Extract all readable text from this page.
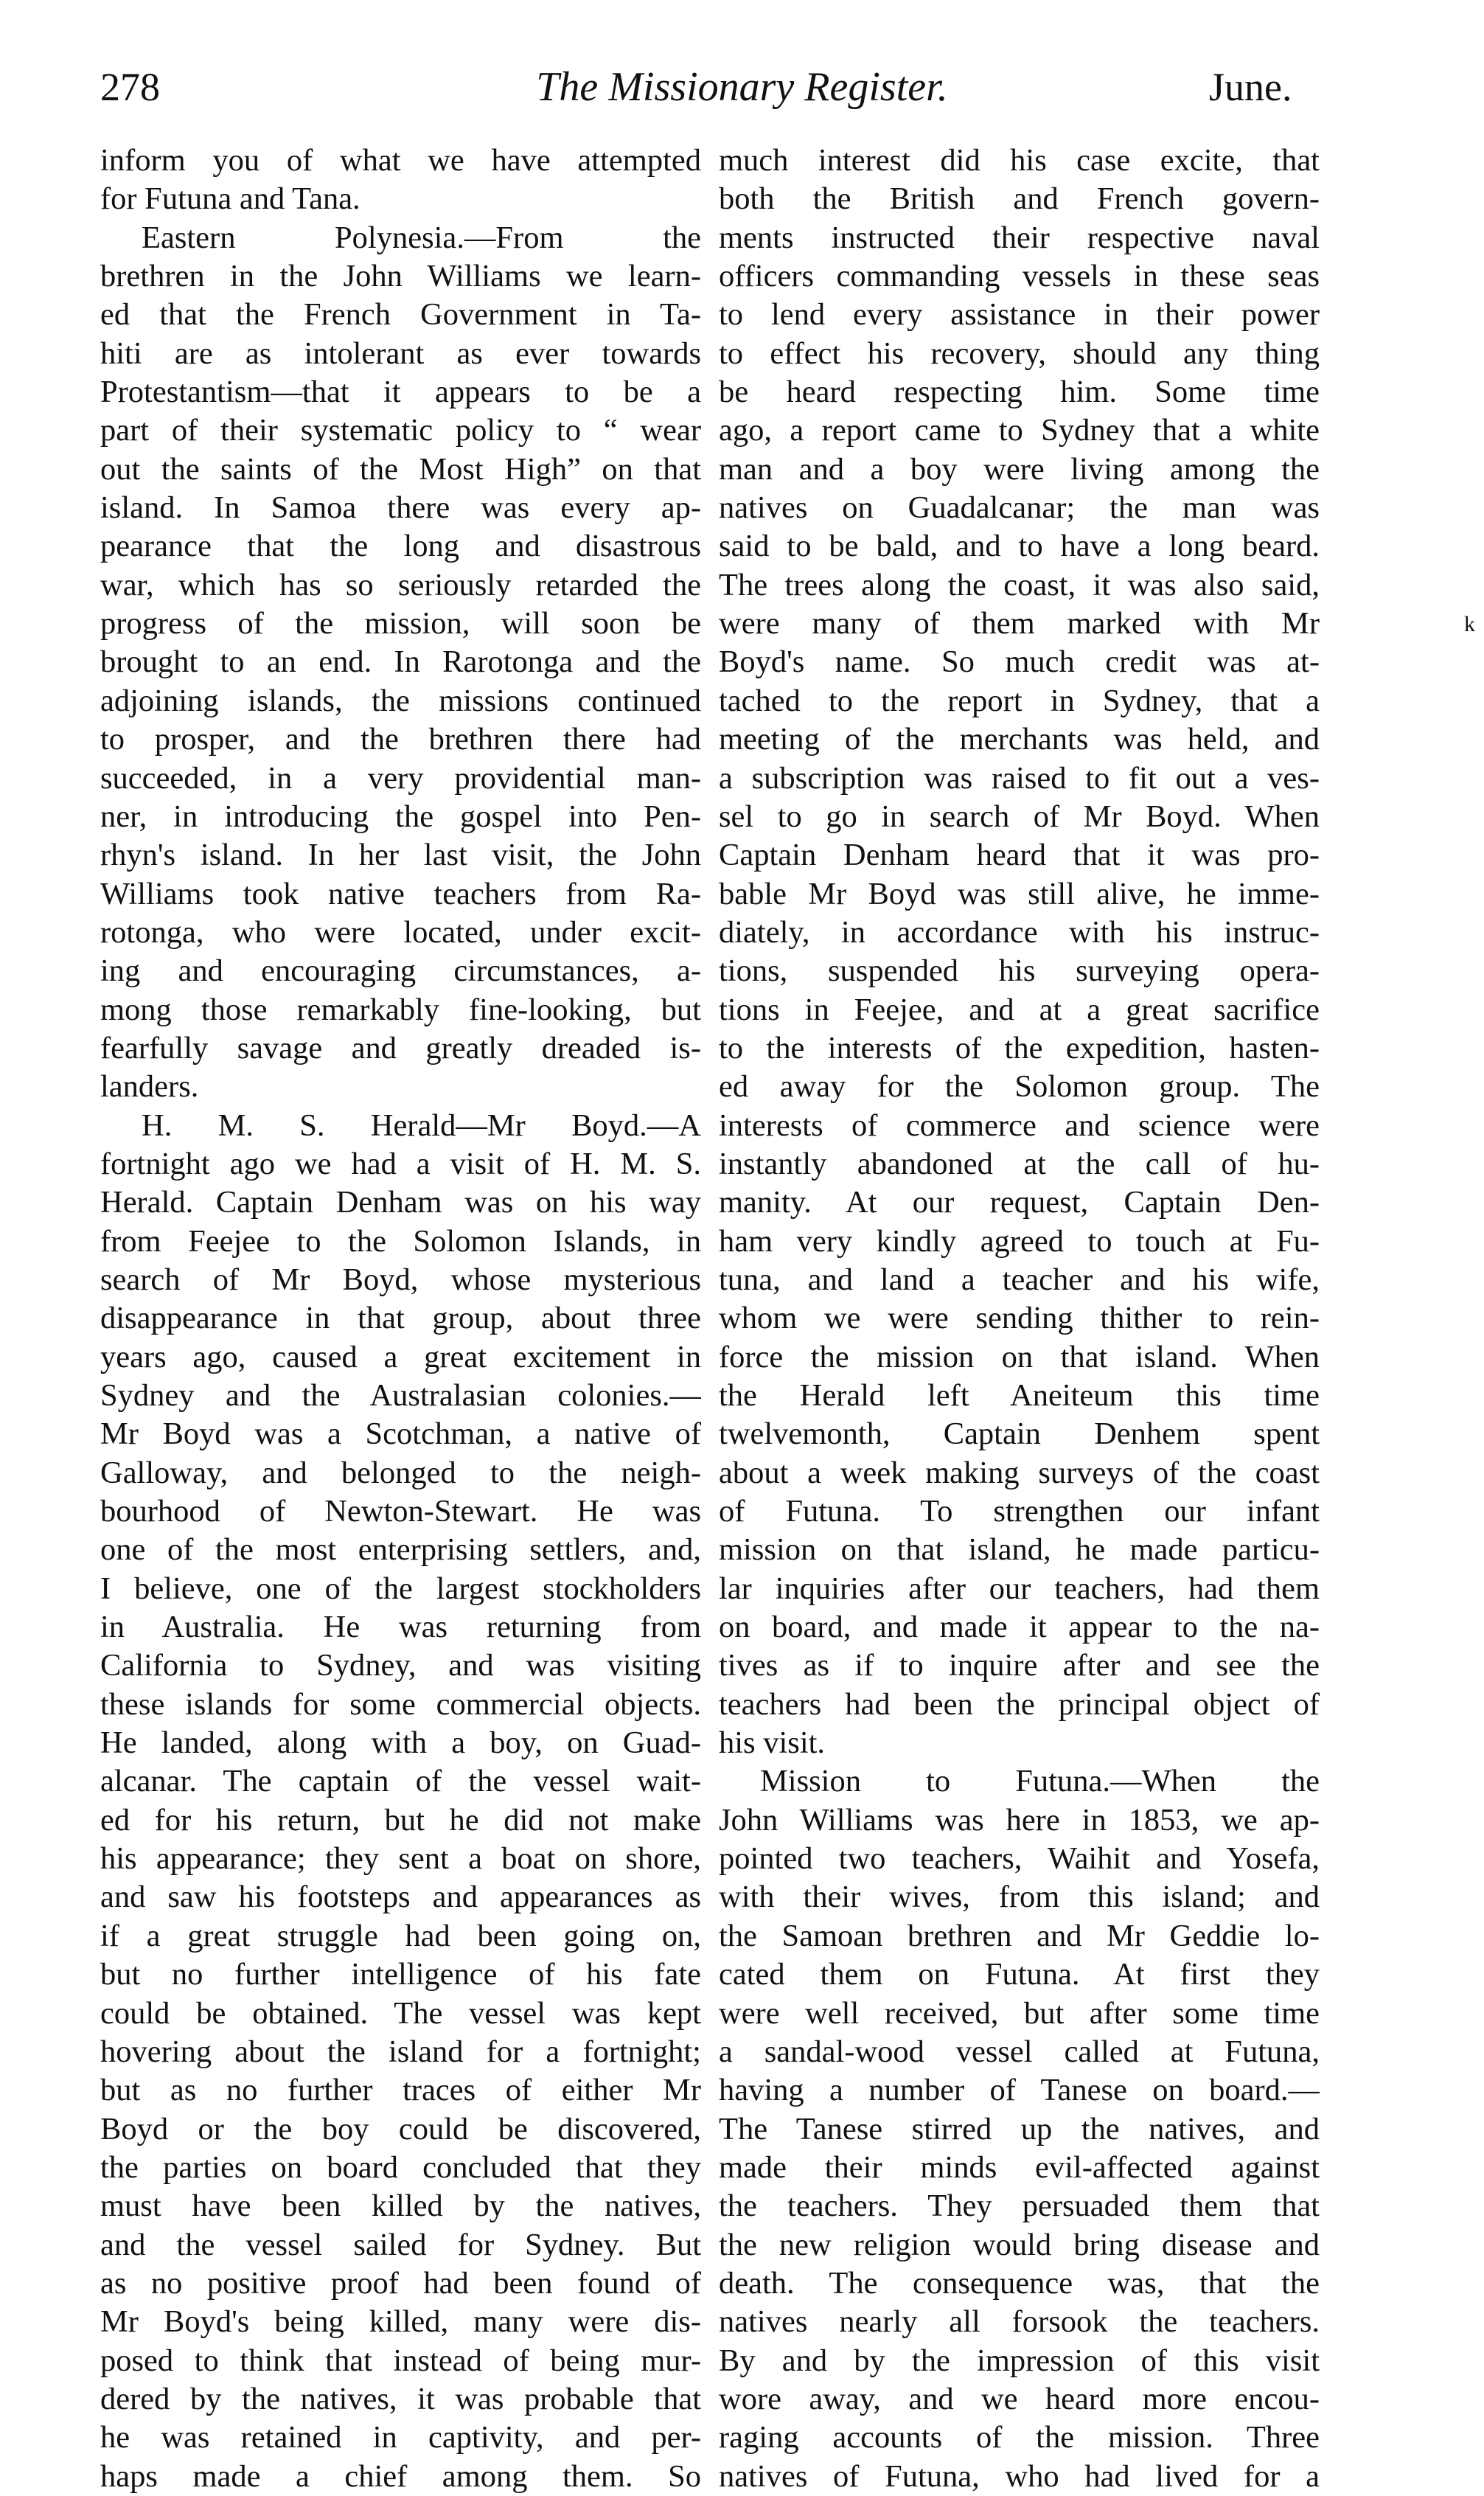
278	The Missionary Register.	June.
inform you of what we have attempted
for Futuna and Tana.
Eastern Polynesia.—From the
brethren in the John Williams we learn-
ed that the French Government in Ta-
hiti are as intolerant as ever towards
Protestantism—that it appears to be a
part of their systematic policy to “ wear
out the saints of the Most High” on that
island. In Samoa there was every ap-
pearance that the long and disastrous
war, which has so seriously retarded the
progress of the mission, will soon be
brought to an end. In Rarotonga and the
adjoining islands, the missions continued
to prosper, and the brethren there had
succeeded, in a very providential man-
ner, in introducing the gospel into Pen-
rhyn's island. In her last visit, the John
Williams took native teachers from Ra-
rotonga, who were located, under excit-
ing and encouraging circumstances, a-
mong those remarkably fine-looking, but
fearfully savage and greatly dreaded is-
landers.
H. M. S. Herald—Mr Boyd.—A
fortnight ago we had a visit of H. M. S.
Herald. Captain Denham was on his way
from Feejee to the Solomon Islands, in
search of Mr Boyd, whose mysterious
disappearance in that group, about three
years ago, caused a great excitement in
Sydney and the Australasian colonies.—
Mr Boyd was a Scotchman, a native of
Galloway, and belonged to the neigh-
bourhood of Newton-Stewart. He was
one of the most enterprising settlers, and,
I believe, one of the largest stockholders
in Australia. He was returning from
California to Sydney, and was visiting
these islands for some commercial objects.
He landed, along with a boy, on Guad-
alcanar. The captain of the vessel wait-
ed for his return, but he did not make
his appearance; they sent a boat on shore,
and saw his footsteps and appearances as
if a great struggle had been going on,
but no further intelligence of his fate
could be obtained. The vessel was kept
hovering about the island for a fortnight;
but as no further traces of either Mr
Boyd or the boy could be discovered,
the parties on board concluded that they
must have been killed by the natives,
and the vessel sailed for Sydney. But
as no positive proof had been found of
Mr Boyd's being killed, many were dis-
posed to think that instead of being mur-
dered by the natives, it was probable that
he was retained in captivity, and per-
haps made a chief among them. So
much interest did his case excite, that
both the British and French govern-
ments instructed their respective naval
officers commanding vessels in these seas
to lend every assistance in their power
to effect his recovery, should any thing
be heard respecting him. Some time
ago, a report came to Sydney that a white
man and a boy were living among the
natives on Guadalcanar; the man was
said to be bald, and to have a long beard.
The trees along the coast, it was also said,
were many of them marked with Mr
Boyd's name. So much credit was at-
tached to the report in Sydney, that a
meeting of the merchants was held, and
a subscription was raised to fit out a ves-
sel to go in search of Mr Boyd. When
Captain Denham heard that it was pro-
bable Mr Boyd was still alive, he imme-
diately, in accordance with his instruc-
tions, suspended his surveying opera-
tions in Feejee, and at a great sacrifice
to the interests of the expedition, hasten-
ed away for the Solomon group. The
interests of commerce and science were
instantly abandoned at the call of hu-
manity. At our request, Captain Den-
ham very kindly agreed to touch at Fu-
tuna, and land a teacher and his wife,
whom we were sending thither to rein-
force the mission on that island. When
the Herald left Aneiteum this time
twelvemonth, Captain Denhem spent
about a week making surveys of the coast
of Futuna. To strengthen our infant
mission on that island, he made particu-
lar inquiries after our teachers, had them
on board, and made it appear to the na-
tives as if to inquire after and see the
teachers had been the principal object of
his visit.
Mission to Futuna.—When the
John Williams was here in 1853, we ap-
pointed two teachers, Waihit and Yosefa,
with their wives, from this island; and
the Samoan brethren and Mr Geddie lo-
cated them on Futuna. At first they
were well received, but after some time
a sandal-wood vessel called at Futuna,
having a number of Tanese on board.—
The Tanese stirred up the natives, and
made their minds evil-affected against
the teachers. They persuaded them that
the new religion would bring disease and
death. The consequence was, that the
natives nearly all forsook the teachers.
By and by the impression of this visit
wore away, and we heard more encou-
raging accounts of the mission. Three
natives of Futuna, who had lived for a
k
